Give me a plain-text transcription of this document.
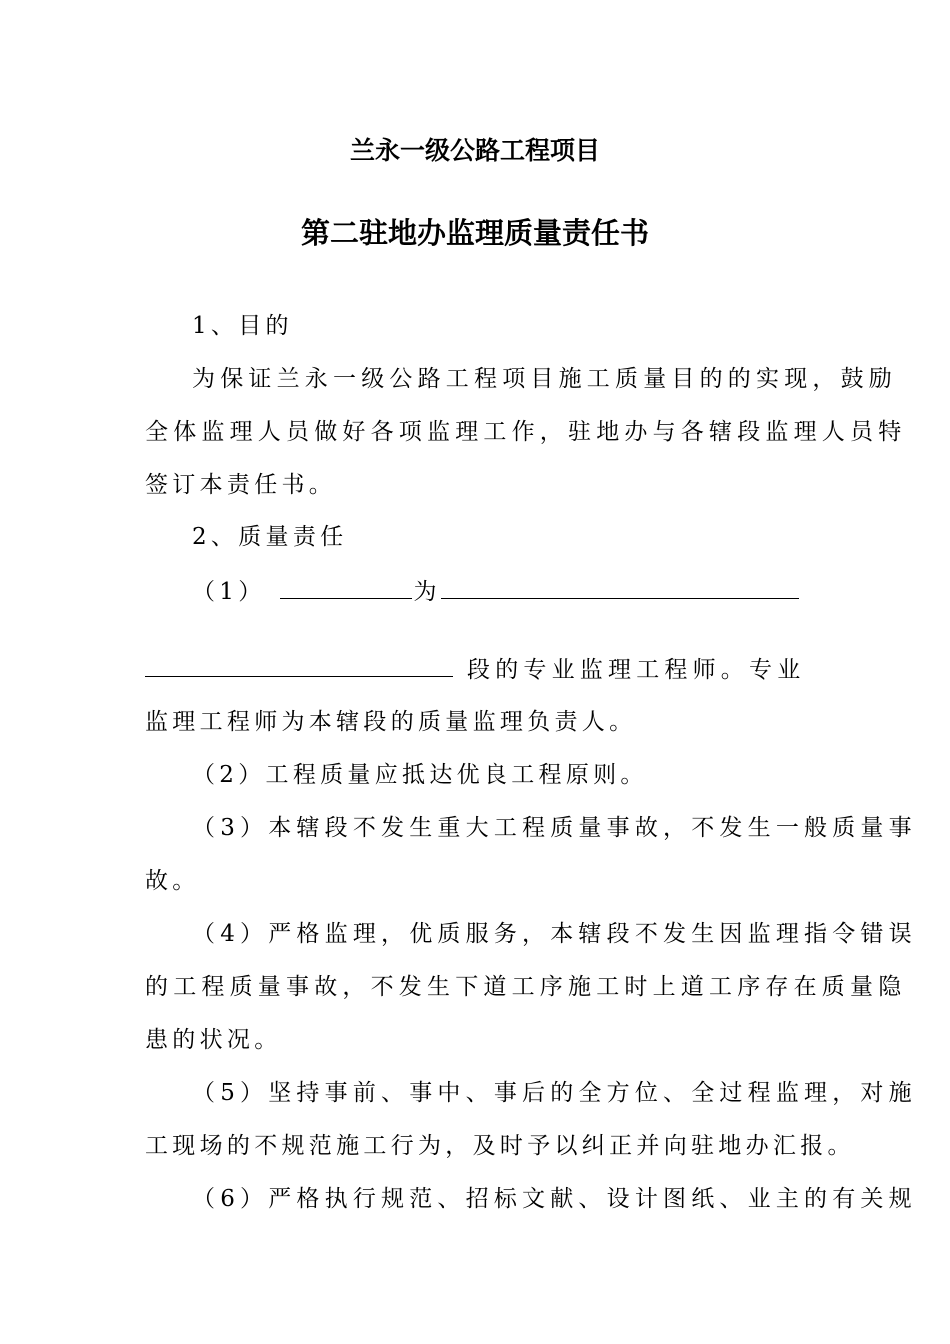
兰永一级公路工程项目
第二驻地办监理质量责任书
1、目的
为保证兰永一级公路工程项目施工质量目的的实现，鼓励
全体监理人员做好各项监理工作，驻地办与各辖段监理人员特
签订本责任书。
2、质量责任
（1）	为
段的专业监理工程师。专业
监理工程师为本辖段的质量监理负责人。
（2）工程质量应抵达优良工程原则。
（3）本辖段不发生重大工程质量事故，不发生一般质量事
故。
（4）严格监理，优质服务，本辖段不发生因监理指令错误
的工程质量事故，不发生下道工序施工时上道工序存在质量隐
患的状况。
（5）坚持事前、事中、事后的全方位、全过程监理，对施
工现场的不规范施工行为，及时予以纠正并向驻地办汇报。
（6）严格执行规范、招标文献、设计图纸、业主的有关规
